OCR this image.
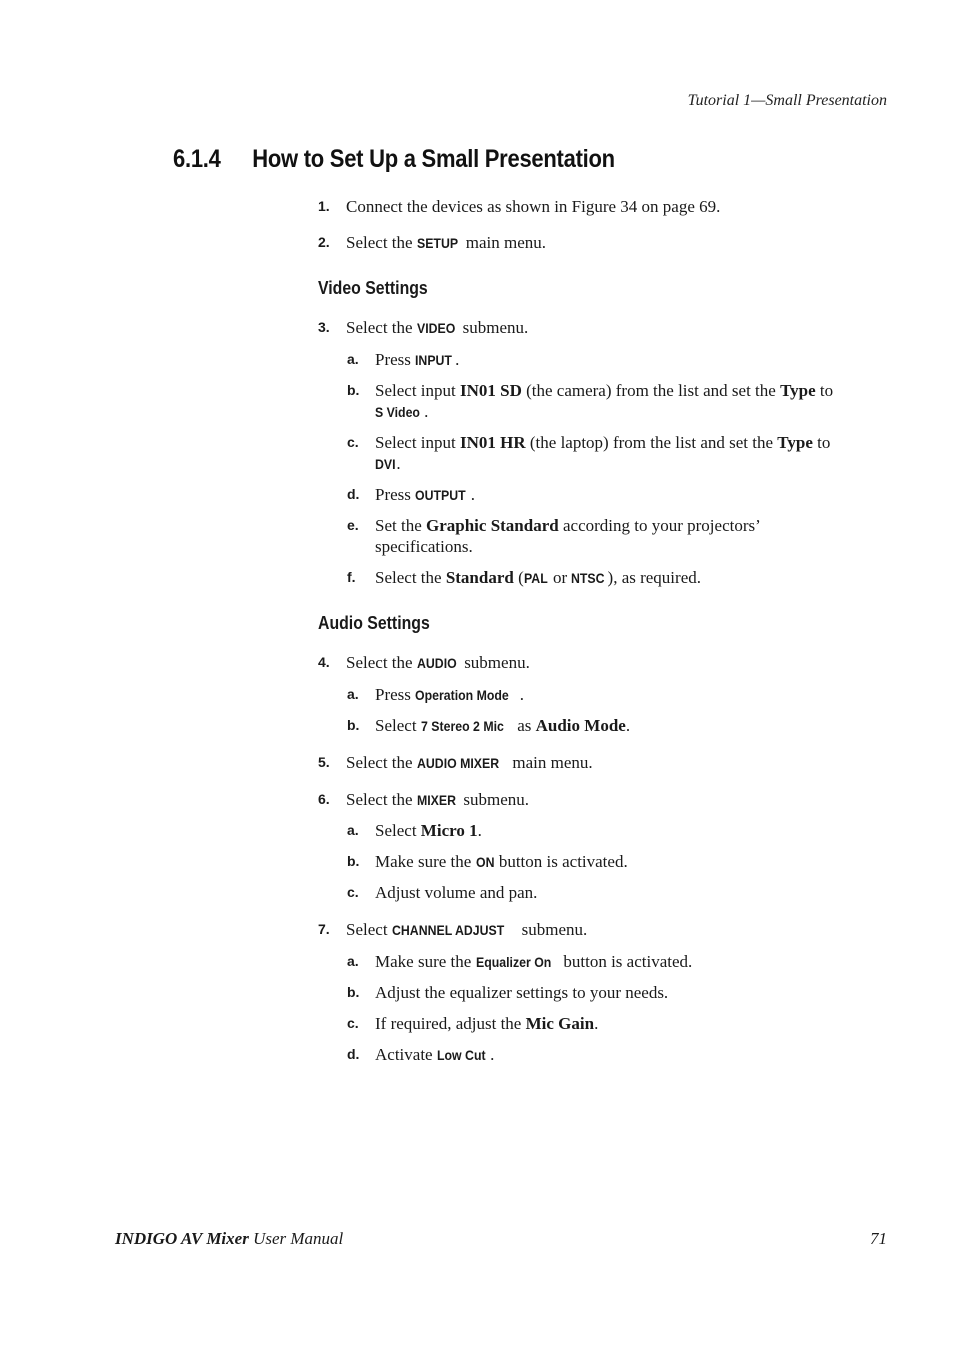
Tutorial 1—Small Presentation
6.1.4 How to Set Up a Small Presentation
1. Connect the devices as shown in Figure 34 on page 69.
2. Select the SETUP main menu.
Video Settings
3. Select the VIDEO submenu.
a. Press INPUT .
b. Select input IN01 SD (the camera) from the list and set the Type to
S Video .
c. Select input IN01 HR (the laptop) from the list and set the Type to
DVI.
d. Press OUTPUT .
e. Set the Graphic Standard according to your projectors’
specifications.
f. Select the Standard (PAL or NTSC ), as required.
Audio Settings
4. Select the AUDIO submenu.
a. Press Operation Mode .
b. Select 7 Stereo 2 Mic as Audio Mode.
5. Select the AUDIO MIXER main menu.
6. Select the MIXER submenu.
a. Select Micro 1.
b. Make sure the ON button is activated.
c. Adjust volume and pan.
7. Select CHANNEL ADJUST submenu.
a. Make sure the Equalizer On button is activated.
b. Adjust the equalizer settings to your needs.
c. If required, adjust the Mic Gain.
d. Activate Low Cut .
INDIGO AV Mixer User Manual	71
